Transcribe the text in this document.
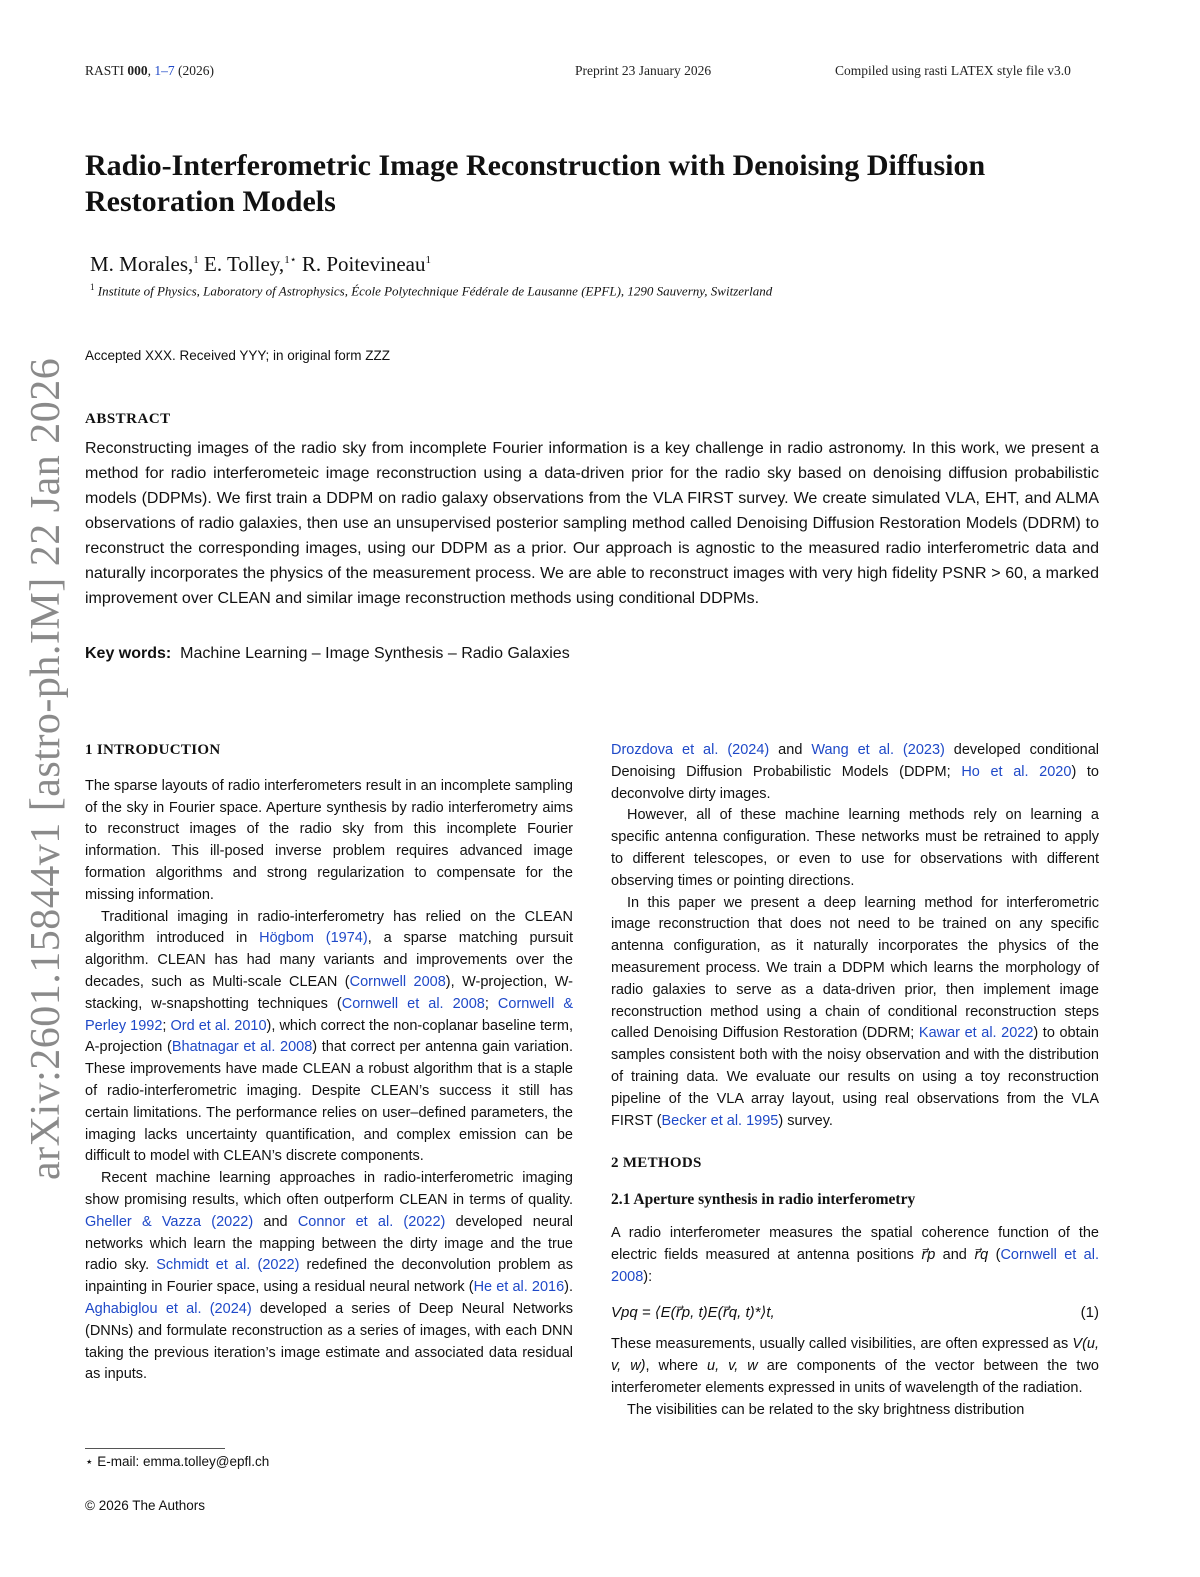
RASTI 000, 1–7 (2026)	Preprint 23 January 2026	Compiled using rasti LATEX style file v3.0
arXiv:2601.15844v1 [astro-ph.IM] 22 Jan 2026
Radio-Interferometric Image Reconstruction with Denoising Diffusion
Restoration Models
M. Morales,$^1$ E. Tolley,$^{1⋆}$ R. Poitevineau$^1$
$^1$ Institute of Physics, Laboratory of Astrophysics, École Polytechnique Fédérale de Lausanne (EPFL), 1290 Sauverny, Switzerland
Accepted XXX. Received YYY; in original form ZZZ
ABSTRACT
Reconstructing images of the radio sky from incomplete Fourier information is a key challenge in radio astronomy. In this work, we present a method for radio interferometeic image reconstruction using a data-driven prior for the radio sky based on denoising diffusion probabilistic models (DDPMs). We first train a DDPM on radio galaxy observations from the VLA FIRST survey. We create simulated VLA, EHT, and ALMA observations of radio galaxies, then use an unsupervised posterior sampling method called Denoising Diffusion Restoration Models (DDRM) to reconstruct the corresponding images, using our DDPM as a prior. Our approach is agnostic to the measured radio interferometric data and naturally incorporates the physics of the measurement process. We are able to reconstruct images with very high fidelity PSNR > 60, a marked improvement over CLEAN and similar image reconstruction methods using conditional DDPMs.
Key words: Machine Learning – Image Synthesis – Radio Galaxies
1 INTRODUCTION

The sparse layouts of radio interferometers result in an incomplete sampling of the sky in Fourier space. Aperture synthesis by radio interferometry aims to reconstruct images of the radio sky from this incomplete Fourier information. This ill-posed inverse problem requires advanced image formation algorithms and strong regularization to compensate for the missing information.

Traditional imaging in radio-interferometry has relied on the CLEAN algorithm introduced in Högbom (1974), a sparse matching pursuit algorithm. CLEAN has had many variants and improvements over the decades, such as Multi-scale CLEAN (Cornwell 2008), W-projection, W-stacking, w-snapshotting techniques (Cornwell et al. 2008; Cornwell & Perley 1992; Ord et al. 2010), which correct the non-coplanar baseline term, A-projection (Bhatnagar et al. 2008) that correct per antenna gain variation. These improvements have made CLEAN a robust algorithm that is a staple of radio-interferometric imaging. Despite CLEAN’s success it still has certain limitations. The performance relies on user–defined parameters, the imaging lacks uncertainty quantification, and complex emission can be difficult to model with CLEAN’s discrete components.

Recent machine learning approaches in radio-interferometric imaging show promising results, which often outperform CLEAN in terms of quality. Gheller & Vazza (2022) and Connor et al. (2022) developed neural networks which learn the mapping between the dirty image and the true radio sky. Schmidt et al. (2022) redefined the deconvolution problem as inpainting in Fourier space, using a residual neural network (He et al. 2016). Aghabiglou et al. (2024) developed a series of Deep Neural Networks (DNNs) and formulate reconstruction as a series of images, with each DNN taking the previous iteration’s image estimate and associated data residual as inputs.

⋆ E-mail: emma.tolley@epfl.ch
© 2026 The Authors

Drozdova et al. (2024) and Wang et al. (2023) developed conditional Denoising Diffusion Probabilistic Models (DDPM; Ho et al. 2020) to deconvolve dirty images.

However, all of these machine learning methods rely on learning a specific antenna configuration. These networks must be retrained to apply to different telescopes, or even to use for observations with different observing times or pointing directions.

In this paper we present a deep learning method for interferometric image reconstruction that does not need to be trained on any specific antenna configuration, as it naturally incorporates the physics of the measurement process. We train a DDPM which learns the morphology of radio galaxies to serve as a data-driven prior, then implement image reconstruction method using a chain of conditional reconstruction steps called Denoising Diffusion Restoration (DDRM; Kawar et al. 2022) to obtain samples consistent both with the noisy observation and with the distribution of training data. We evaluate our results on using a toy reconstruction pipeline of the VLA array layout, using real observations from the VLA FIRST (Becker et al. 1995) survey.

2 METHODS
2.1 Aperture synthesis in radio interferometry

A radio interferometer measures the spatial coherence function of the electric fields measured at antenna positions r⃗p and r⃗q (Cornwell et al. 2008):

Vpq = ⟨E(r⃗p, t)E(r⃗q, t)*⟩t,	(1)

These measurements, usually called visibilities, are often expressed as V(u, v, w), where u, v, w are components of the vector between the two interferometer elements expressed in units of wavelength of the radiation.

The visibilities can be related to the sky brightness distribution
